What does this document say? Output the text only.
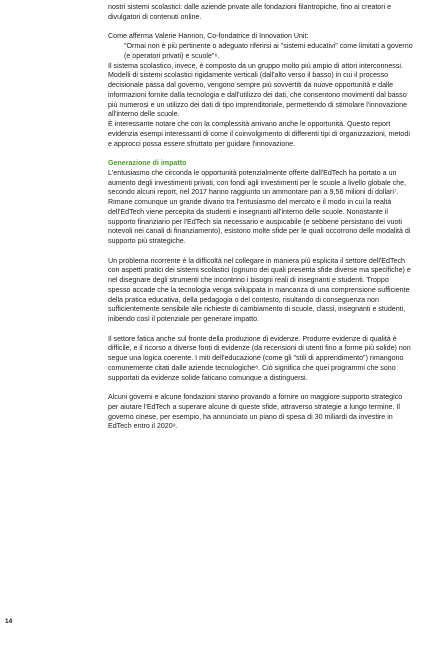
nostri sistemi scolastici: dalle aziende private alle fondazioni filantropiche, fino ai creatori e divulgatori di contenuti online.

Come afferma Valerie Hannon, Co-fondatrice di Innovation Unit:
"Ormai non è più pertinente o adeguato riferirsi ai "sistemi educativi" come limitati a governo (e operatori privati) e scuole"⁶.

Il sistema scolastico, invece, è composto da un gruppo molto più ampio di attori interconnessi. Modelli di sistemi scolastici rigidamente verticali (dall'alto verso il basso) in cui il processo decisionale passa dal governo, vengono sempre più sovvertiti da nuove opportunità e dalle informazioni fornite dalla tecnologia e dall'utilizzo dei dati, che consentono movimenti dal basso più numerosi e un utilizzo dei dati di tipo imprenditoriale, permettendo di stimolare l'innovazione all'interno delle scuole.

È interessante notare che con la complessità arrivano anche le opportunità. Questo report evidenzia esempi interessanti di come il coinvolgimento di differenti tipi di organizzazioni, metodi e approcci possa essere sfruttato per guidare l'innovazione.

Generazione di impatto

L'entusiasmo che circonda le opportunità potenzialmente offerte dall'EdTech ha portato a un aumento degli investimenti privati, con fondi agli investimenti per le scuole a livello globale che, secondo alcuni report, nel 2017 hanno raggiunto un ammontare pari a 9,56 milioni di dollari⁷. Rimane comunque un grande divario tra l'entusiasmo del mercato e il modo in cui la realtà dell'EdTech viene percepita da studenti e insegnanti all'interno delle scuole. Nonostante il supporto finanziario per l'EdTech sia necessario e auspicabile (e sebbene persistano dei vuoti notevoli nei canali di finanziamento), esistono molte sfide per le quali occorrono delle modalità di supporto più strategiche.

Un problema ricorrente è la difficoltà nel collegare in maniera più esplicita il settore dell'EdTech con aspetti pratici dei sistemi scolastici (ognuno dei quali presenta sfide diverse ma specifiche) e nel disegnare degli strumenti che incontrino i bisogni reali di insegnanti e studenti. Troppo spesso accade che la tecnologia venga sviluppata in mancanza di una comprensione sufficiente della pratica educativa, della pedagogia o del contesto, risultando di conseguenza non sufficientemente sensibile alle richieste di cambiamento di scuole, classi, insegnanti e studenti, inibendo così il potenziale per generare impatto.

Il settore fatica anche sul fronte della produzione di evidenze. Produrre evidenze di qualità è difficile, e il ricorso a diverse fonti di evidenze (da recensioni di utenti fino a forme più solide) non segue una logica coerente. I miti dell'educazione (come gli "stili di apprendimento") rimangono comunemente citati dalle aziende tecnologiche⁸. Ciò significa che quei programmi che sono supportati da evidenze solide faticano comunque a distinguersi.

Alcuni governi e alcune fondazioni stanno provando a fornire un maggiore supporto strategico per aiutare l'EdTech a superare alcune di queste sfide, attraverso strategie a lungo termine. Il governo cinese, per esempio, ha annunciato un piano di spesa di 30 miliardi da investire in EdTech entro il 2020⁹.

14
